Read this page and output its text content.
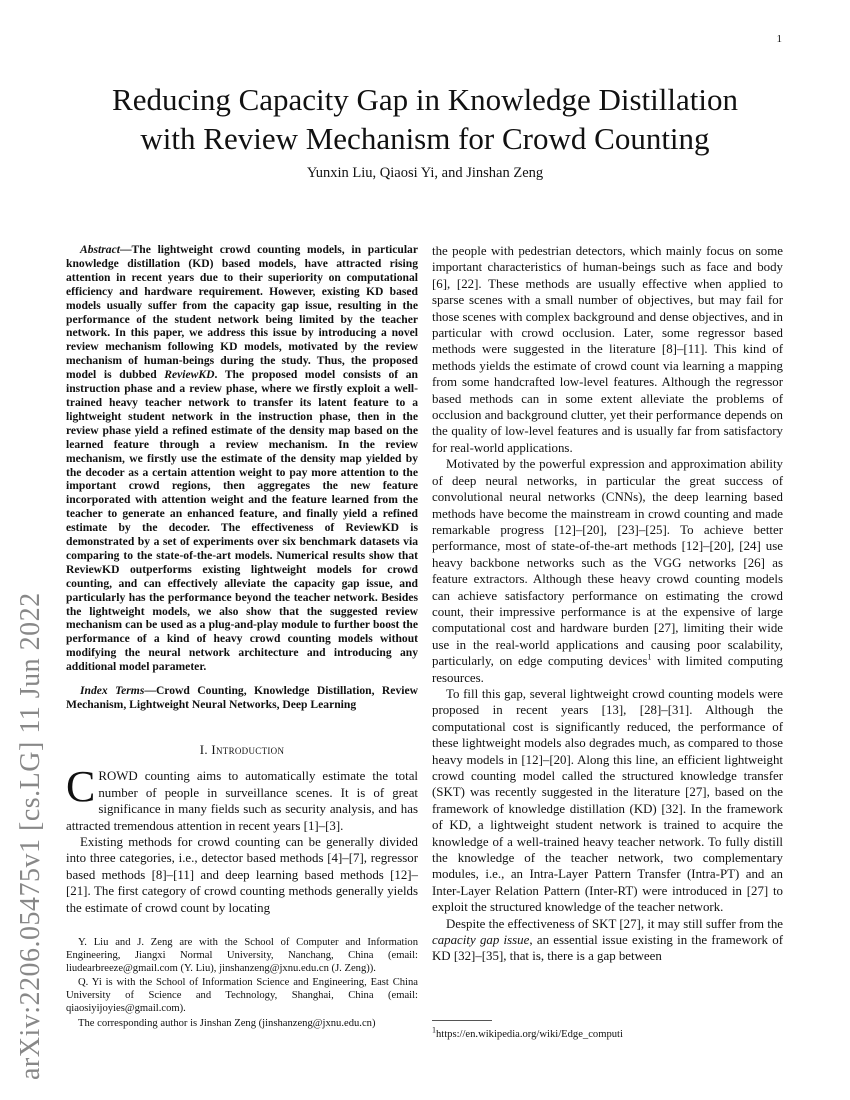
1
arXiv:2206.05475v1 [cs.LG] 11 Jun 2022
Reducing Capacity Gap in Knowledge Distillation
with Review Mechanism for Crowd Counting
Yunxin Liu, Qiaosi Yi, and Jinshan Zeng

Abstract—The lightweight crowd counting models, in particular knowledge distillation (KD) based models, have attracted rising attention in recent years due to their superiority on computational efficiency and hardware requirement. However, existing KD based models usually suffer from the capacity gap issue, resulting in the performance of the student network being limited by the teacher network. In this paper, we address this issue by introducing a novel review mechanism following KD models, motivated by the review mechanism of human-beings during the study. Thus, the proposed model is dubbed ReviewKD. The proposed model consists of an instruction phase and a review phase, where we firstly exploit a well-trained heavy teacher network to transfer its latent feature to a lightweight student network in the instruction phase, then in the review phase yield a refined estimate of the density map based on the learned feature through a review mechanism. In the review mechanism, we firstly use the estimate of the density map yielded by the decoder as a certain attention weight to pay more attention to the important crowd regions, then aggregates the new feature incorporated with attention weight and the feature learned from the teacher to generate an enhanced feature, and finally yield a refined estimate by the decoder. The effectiveness of ReviewKD is demonstrated by a set of experiments over six benchmark datasets via comparing to the state-of-the-art models. Numerical results show that ReviewKD outperforms existing lightweight models for crowd counting, and can effectively alleviate the capacity gap issue, and particularly has the performance beyond the teacher network. Besides the lightweight models, we also show that the suggested review mechanism can be used as a plug-and-play module to further boost the performance of a kind of heavy crowd counting models without modifying the neural network architecture and introducing any additional model parameter.

Index Terms—Crowd Counting, Knowledge Distillation, Review Mechanism, Lightweight Neural Networks, Deep Learning

I. Introduction

CROWD counting aims to automatically estimate the total number of people in surveillance scenes. It is of great significance in many fields such as security analysis, and has attracted tremendous attention in recent years [1]–[3].

Existing methods for crowd counting can be generally divided into three categories, i.e., detector based methods [4]–[7], regressor based methods [8]–[11] and deep learning based methods [12]–[21]. The first category of crowd counting methods generally yields the estimate of crowd count by locating

Y. Liu and J. Zeng are with the School of Computer and Information Engineering, Jiangxi Normal University, Nanchang, China (email: liudearbreeze@gmail.com (Y. Liu), jinshanzeng@jxnu.edu.cn (J. Zeng)).

Q. Yi is with the School of Information Science and Engineering, East China University of Science and Technology, Shanghai, China (email: qiaosiyijoyies@gmail.com).

The corresponding author is Jinshan Zeng (jinshanzeng@jxnu.edu.cn)

the people with pedestrian detectors, which mainly focus on some important characteristics of human-beings such as face and body [6], [22]. These methods are usually effective when applied to sparse scenes with a small number of objectives, but may fail for those scenes with complex background and dense objectives, and in particular with crowd occlusion. Later, some regressor based methods were suggested in the literature [8]–[11]. This kind of methods yields the estimate of crowd count via learning a mapping from some handcrafted low-level features. Although the regressor based methods can in some extent alleviate the problems of occlusion and background clutter, yet their performance depends on the quality of low-level features and is usually far from satisfactory for real-world applications.

Motivated by the powerful expression and approximation ability of deep neural networks, in particular the great success of convolutional neural networks (CNNs), the deep learning based methods have become the mainstream in crowd counting and made remarkable progress [12]–[20], [23]–[25]. To achieve better performance, most of state-of-the-art methods [12]–[20], [24] use heavy backbone networks such as the VGG networks [26] as feature extractors. Although these heavy crowd counting models can achieve satisfactory performance on estimating the crowd count, their impressive performance is at the expensive of large computational cost and hardware burden [27], limiting their wide use in the real-world applications and causing poor scalability, particularly, on edge computing devices$^1$ with limited computing resources.

To fill this gap, several lightweight crowd counting models were proposed in recent years [13], [28]–[31]. Although the computational cost is significantly reduced, the performance of these lightweight models also degrades much, as compared to those heavy models in [12]–[20]. Along this line, an efficient lightweight crowd counting model called the structured knowledge transfer (SKT) was recently suggested in the literature [27], based on the framework of knowledge distillation (KD) [32]. In the framework of KD, a lightweight student network is trained to acquire the knowledge of a well-trained heavy teacher network. To fully distill the knowledge of the teacher network, two complementary modules, i.e., an Intra-Layer Pattern Transfer (Intra-PT) and an Inter-Layer Relation Pattern (Inter-RT) were introduced in [27] to exploit the structured knowledge of the teacher network.

Despite the effectiveness of SKT [27], it may still suffer from the capacity gap issue, an essential issue existing in the framework of KD [32]–[35], that is, there is a gap between

$^1$https://en.wikipedia.org/wiki/Edge_computi
